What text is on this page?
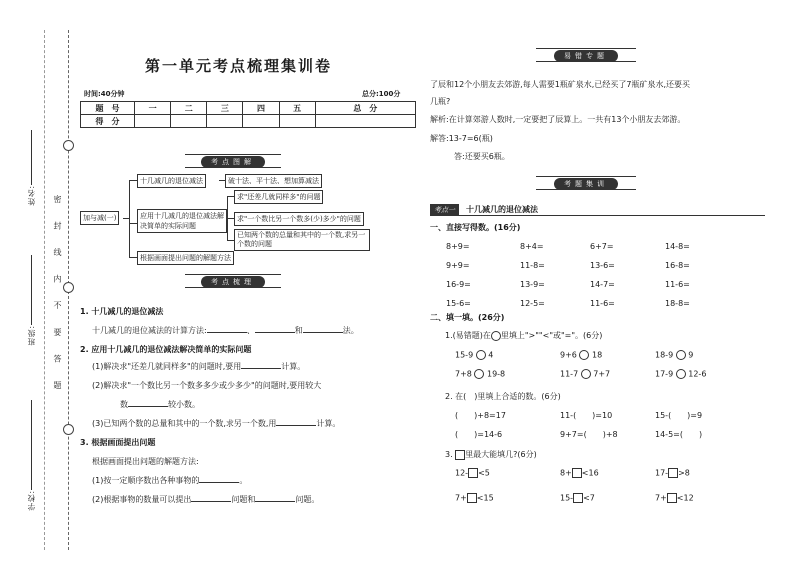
姓名:
班级:
学校:
密 封 线 内 不 要 答 题
第一单元考点梳理集训卷
时间:40分钟	总分:100分
题　号	一	二	三	四	五	总　分
得　分						
考点图解
加与减(一)
十几减几的退位减法	破十法、平十法、想加算减法
应用十几减几的退位减法解决简单的实际问题
求"还差几就同样多"的问题
求"一个数比另一个数多(少)多少"的问题
已知两个数的总量和其中的一个数,求另一个数的问题
根据画面提出问题的解题方法
考点梳理
1. 十几减几的退位减法
十几减几的退位减法的计算方法:	、	和	法。
2. 应用十几减几的退位减法解决简单的实际问题
(1)解决求"还差几就同样多"的问题时,要用	计算。
(2)解决求"一个数比另一个数多多少或少多少"的问题时,要用较大
数	较小数。
(3)已知两个数的总量和其中的一个数,求另一个数,用	计算。
3. 根据画面提出问题
根据画面提出问题的解题方法:
(1)按一定顺序数出各种事物的	。
(2)根据事物的数量可以提出	问题和	问题。
易错专题
了辰和12个小朋友去郊游,每人需要1瓶矿泉水,已经买了7瓶矿泉水,还要买
几瓶?
解析:在计算郊游人数时,一定要把了辰算上。一共有13个小朋友去郊游。
解答:13-7=6(瓶)
答:还要买6瓶。
考题集训
考点一	十几减几的退位减法
一、直接写得数。(16分)
8+9=	8+4=	6+7=	14-8=
9+9=	11-8=	13-6=	16-8=
16-9=	13-9=	14-7=	11-6=
15-6=	12-5=	11-6=	18-8=
二、填一填。(26分)
1.(易错题)在 里填上">""<"或"="。(6分)
15-9  4	9+6  18	18-9  9
7+8  19-8	11-7  7+7	17-9  12-6
2. 在(　)里填上合适的数。(6分)
(　　)+8=17	11-(　　)=10	15-(　　)=9
(　　)=14-6	9+7=(　　)+8	14-5=(　　)
3. 里最大能填几?(6分)
12- <5	8+ <16	17- >8
7+ <15	15- <7	7+ <12
